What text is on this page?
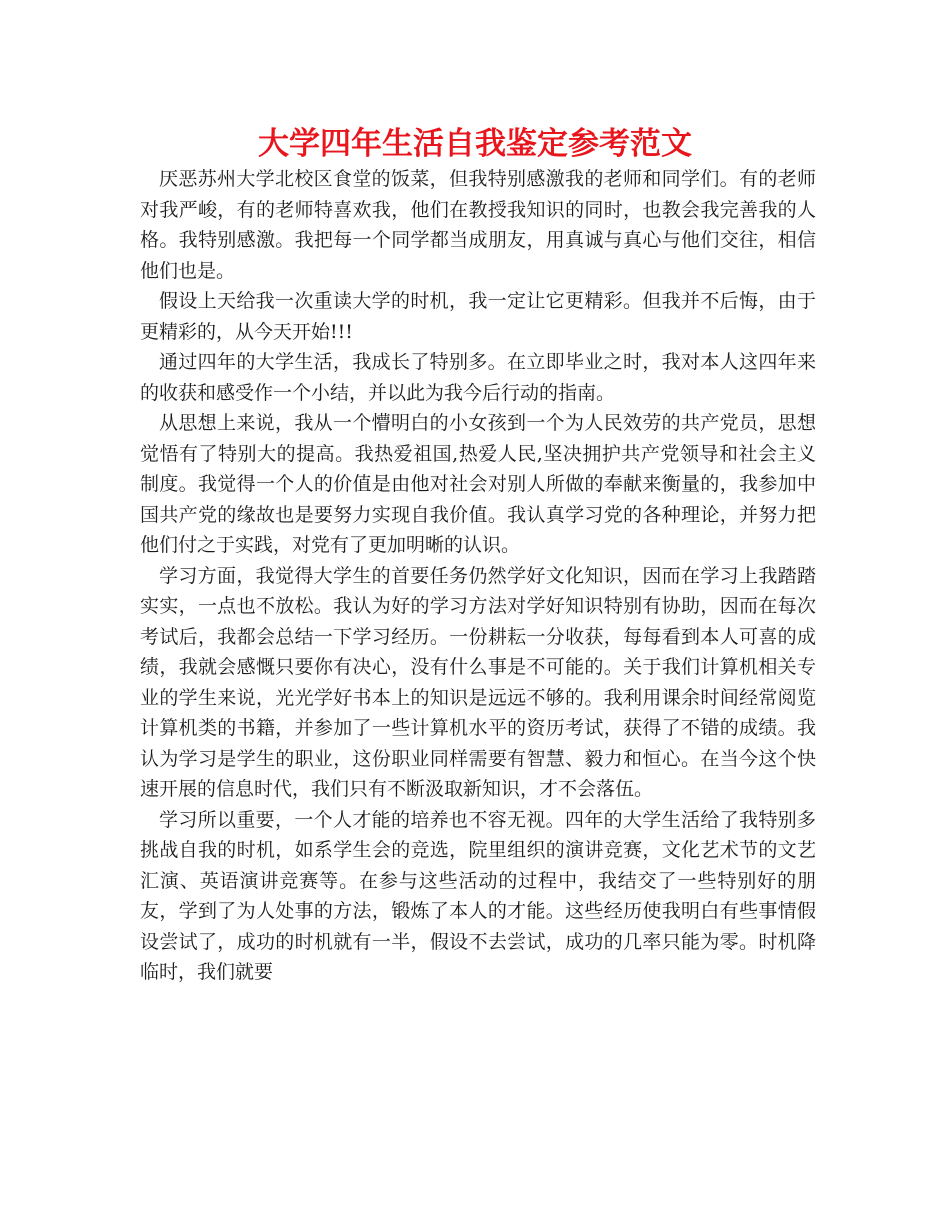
大学四年生活自我鉴定参考范文

厌恶苏州大学北校区食堂的饭菜，但我特别感激我的老师和同学们。有的老师对我严峻，有的老师特喜欢我，他们在教授我知识的同时，也教会我完善我的人格。我特别感激。我把每一个同学都当成朋友，用真诚与真心与他们交往，相信他们也是。

假设上天给我一次重读大学的时机，我一定让它更精彩。但我并不后悔，由于更精彩的，从今天开始!!!

通过四年的大学生活，我成长了特别多。在立即毕业之时，我对本人这四年来的收获和感受作一个小结，并以此为我今后行动的指南。

从思想上来说，我从一个懵明白的小女孩到一个为人民效劳的共产党员，思想觉悟有了特别大的提高。我热爱祖国,热爱人民,坚决拥护共产党领导和社会主义制度。我觉得一个人的价值是由他对社会对别人所做的奉献来衡量的，我参加中国共产党的缘故也是要努力实现自我价值。我认真学习党的各种理论，并努力把他们付之于实践，对党有了更加明晰的认识。

学习方面，我觉得大学生的首要任务仍然学好文化知识，因而在学习上我踏踏实实，一点也不放松。我认为好的学习方法对学好知识特别有协助，因而在每次考试后，我都会总结一下学习经历。一份耕耘一分收获，每每看到本人可喜的成绩，我就会感慨只要你有决心，没有什么事是不可能的。关于我们计算机相关专业的学生来说，光光学好书本上的知识是远远不够的。我利用课余时间经常阅览计算机类的书籍，并参加了一些计算机水平的资历考试，获得了不错的成绩。我认为学习是学生的职业，这份职业同样需要有智慧、毅力和恒心。在当今这个快速开展的信息时代，我们只有不断汲取新知识，才不会落伍。

学习所以重要，一个人才能的培养也不容无视。四年的大学生活给了我特别多挑战自我的时机，如系学生会的竞选，院里组织的演讲竞赛，文化艺术节的文艺汇演、英语演讲竞赛等。在参与这些活动的过程中，我结交了一些特别好的朋友，学到了为人处事的方法，锻炼了本人的才能。这些经历使我明白有些事情假设尝试了，成功的时机就有一半，假设不去尝试，成功的几率只能为零。时机降临时，我们就要
